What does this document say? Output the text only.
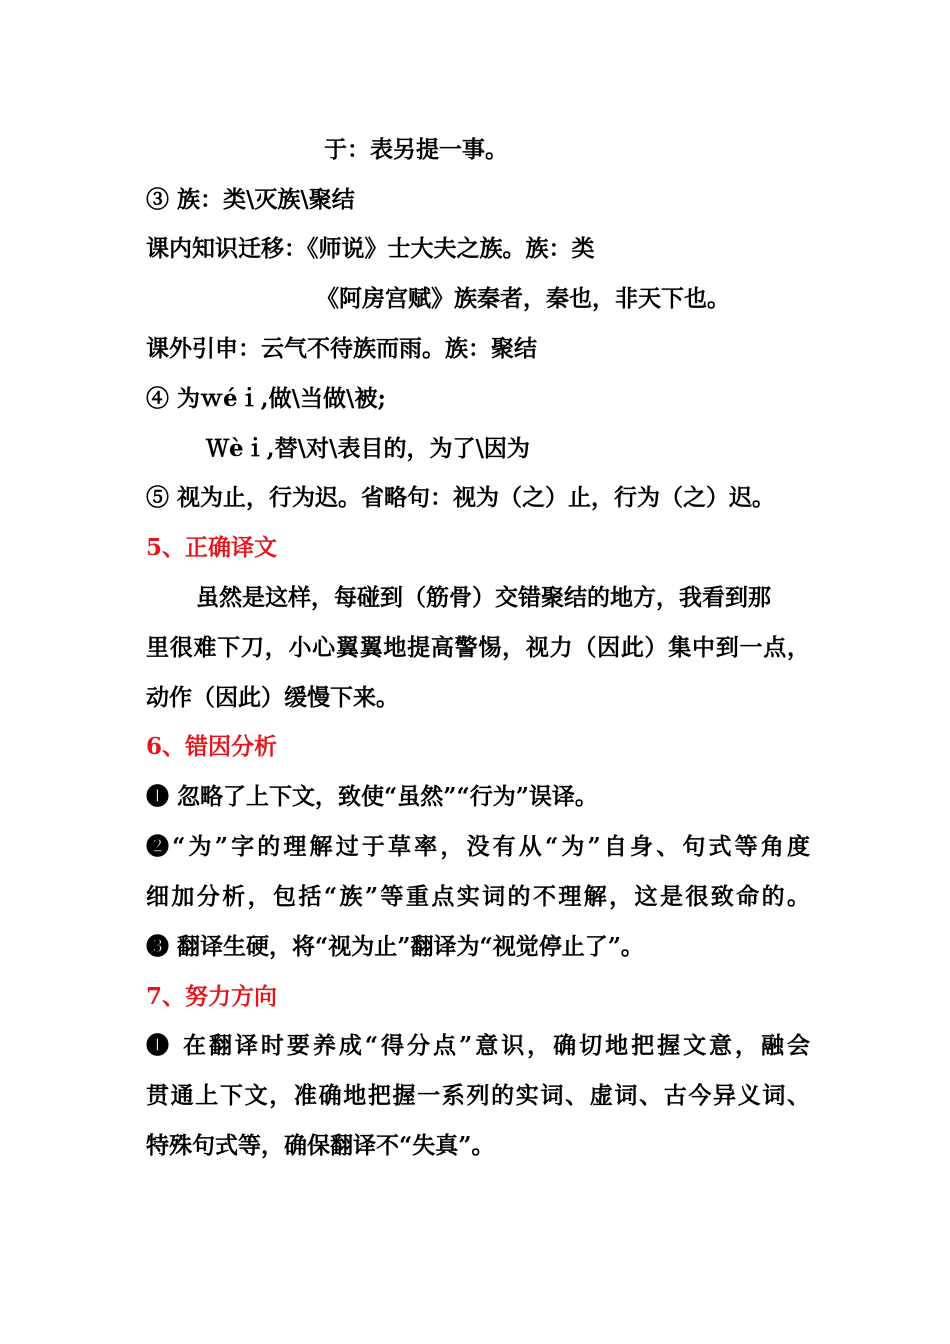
于：表另提一事。
③ 族：类\灭族\聚结
课内知识迁移：《师说》士大夫之族。族：类
《阿房宫赋》族秦者，秦也，非天下也。
课外引申：云气不待族而雨。族：聚结
④ 为ｗéｉ,做\当做\被;
Ｗèｉ,替\对\表目的，为了\因为
⑤ 视为止，行为迟。省略句：视为（之）止，行为（之）迟。
5、正确译文
虽然是这样，每碰到（筋骨）交错聚结的地方，我看到那
里很难下刀，小心翼翼地提高警惕，视力（因此）集中到一点，
动作（因此）缓慢下来。
6、错因分析
❶ 忽略了上下文，致使“虽然”“行为”误译。
❷“为”字的理解过于草率，没有从“为”自身、句式等角度
细加分析，包括“族”等重点实词的不理解，这是很致命的。
❸ 翻译生硬，将“视为止”翻译为“视觉停止了”。
7、努力方向
❶ 在翻译时要养成“得分点”意识，确切地把握文意，融会
贯通上下文，准确地把握一系列的实词、虚词、古今异义词、
特殊句式等，确保翻译不“失真”。
